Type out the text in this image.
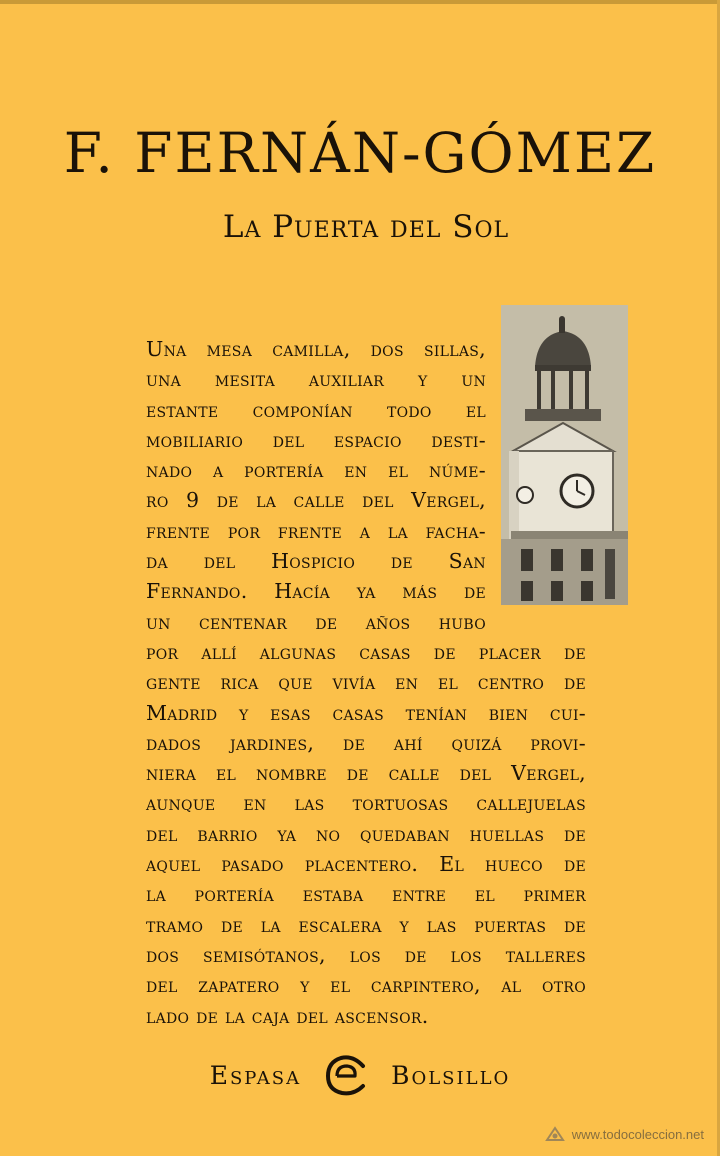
F. FERNÁN-GÓMEZ
La Puerta del Sol
Una mesa camilla, dos sillas,
una mesita auxiliar y un
estante componían todo el
mobiliario del espacio desti-
nado a portería en el núme-
ro 9 de la calle del Vergel,
frente por frente a la facha-
da del Hospicio de San
Fernando. Hacía ya más de
un centenar de años hubo
por allí algunas casas de placer de
gente rica que vivía en el centro de
Madrid y esas casas tenían bien cui-
dados jardines, de ahí quizá provi-
niera el nombre de calle del Vergel,
aunque en las tortuosas callejuelas
del barrio ya no quedaban huellas de
aquel pasado placentero. El hueco de
la portería estaba entre el primer
tramo de la escalera y las puertas de
dos semisótanos, los de los talleres
del zapatero y el carpintero, al otro
lado de la caja del ascensor.
Espasa	Bolsillo
www.todocoleccion.net
